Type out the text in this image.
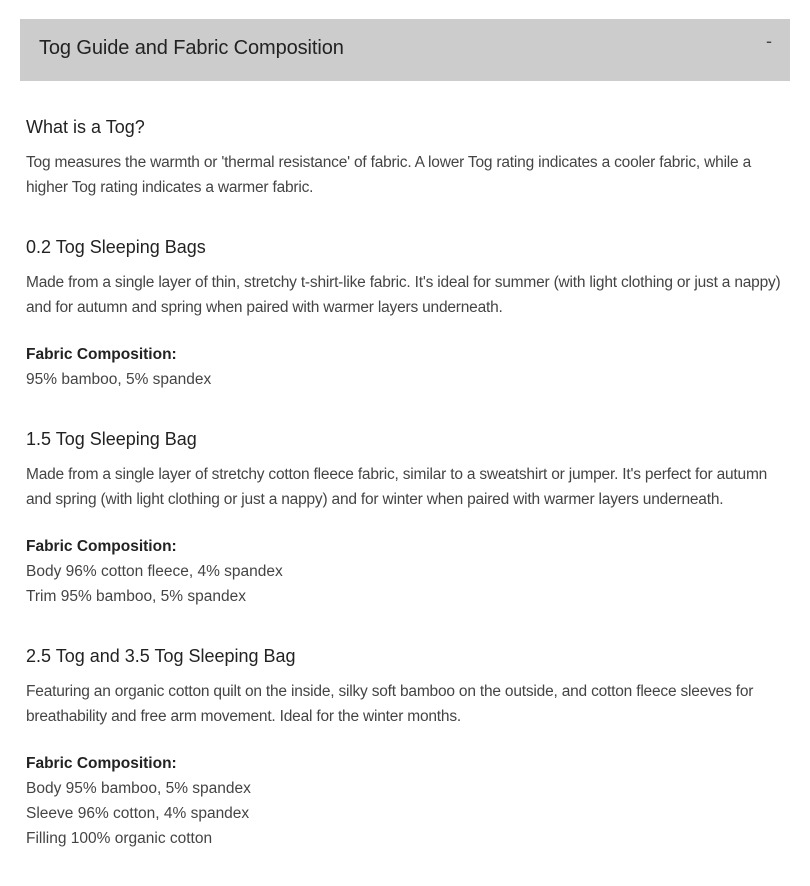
Tog Guide and Fabric Composition	-
What is a Tog?

Tog measures the warmth or 'thermal resistance' of fabric. A lower Tog rating indicates a cooler fabric, while a higher Tog rating indicates a warmer fabric.

0.2 Tog Sleeping Bags

Made from a single layer of thin, stretchy t-shirt-like fabric. It's ideal for summer (with light clothing or just a nappy) and for autumn and spring when paired with warmer layers underneath.

Fabric Composition:
95% bamboo, 5% spandex
1.5 Tog Sleeping Bag

Made from a single layer of stretchy cotton fleece fabric, similar to a sweatshirt or jumper. It's perfect for autumn and spring (with light clothing or just a nappy) and for winter when paired with warmer layers underneath.

Fabric Composition:
Body 96% cotton fleece, 4% spandex
Trim 95% bamboo, 5% spandex
2.5 Tog and 3.5 Tog Sleeping Bag

Featuring an organic cotton quilt on the inside, silky soft bamboo on the outside, and cotton fleece sleeves for breathability and free arm movement. Ideal for the winter months.

Fabric Composition:
Body 95% bamboo, 5% spandex
Sleeve 96% cotton, 4% spandex
Filling 100% organic cotton
